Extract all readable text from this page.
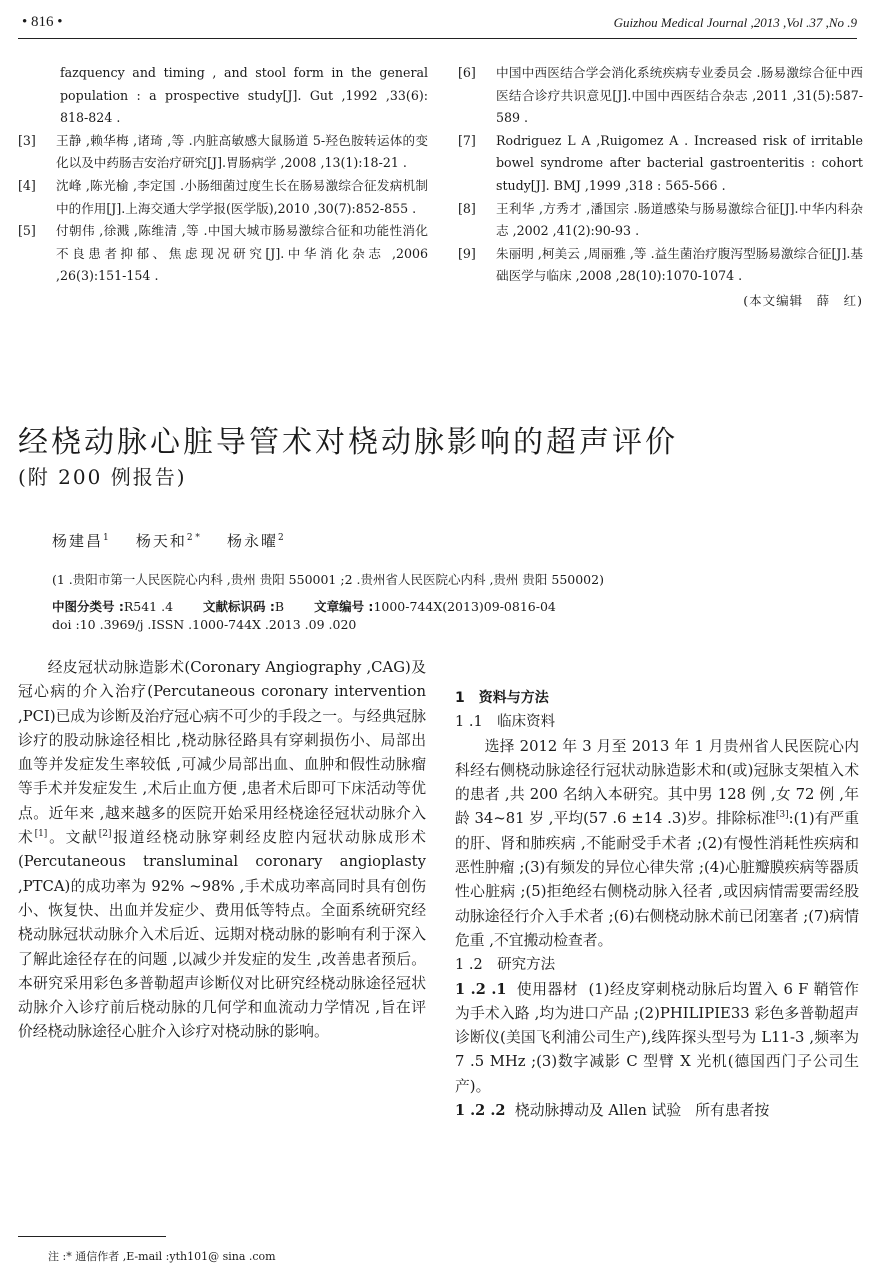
• 816 •	Guizhou Medical Journal ,2013 ,Vol .37 ,No .9
fazquency and timing , and stool form in the general population : a prospective study[J]. Gut ,1992 ,33(6): 818-824 .
[3]	王静 ,赖华梅 ,诸琦 ,等 .内脏高敏感大鼠肠道 5-羟色胺转运体的变化以及中药肠吉安治疗研究[J].胃肠病学 ,2008 ,13(1):18-21 .
[4]	沈峰 ,陈光榆 ,李定国 .小肠细菌过度生长在肠易激综合征发病机制中的作用[J].上海交通大学学报(医学版),2010 ,30(7):852-855 .
[5]	付朝伟 ,徐溅 ,陈维清 ,等 .中国大城市肠易激综合征和功能性消化不良患者抑郁、焦虑现况研究[J].中华消化杂志 ,2006 ,26(3):151-154 .
[6]	中国中西医结合学会消化系统疾病专业委员会 .肠易激综合征中西医结合诊疗共识意见[J].中国中西医结合杂志 ,2011 ,31(5):587-589 .
[7]	Rodriguez L A ,Ruigomez A . Increased risk of irritable bowel syndrome after bacterial gastroenteritis : cohort study[J]. BMJ ,1999 ,318 : 565-566 .
[8]	王利华 ,方秀才 ,潘国宗 .肠道感染与肠易激综合征[J].中华内科杂志 ,2002 ,41(2):90-93 .
[9]	朱丽明 ,柯美云 ,周丽雅 ,等 .益生菌治疗腹泻型肠易激综合征[J].基础医学与临床 ,2008 ,28(10):1070-1074 .
(本文编辑　薛　红)
经桡动脉心脏导管术对桡动脉影响的超声评价
(附 200 例报告)
杨建昌$^1$ 杨天和$^{2 *}$ 杨永曜$^2$
(1 .贵阳市第一人民医院心内科 ,贵州 贵阳 550001 ;2 .贵州省人民医院心内科 ,贵州 贵阳 550002)
中图分类号 :R541 .4 文献标识码 :B 文章编号 :1000-744X(2013)09-0816-04
doi :10 .3969/j .ISSN .1000-744X .2013 .09 .020

经皮冠状动脉造影术(Coronary Angiography ,CAG)及冠心病的介入治疗(Percutaneous coronary intervention ,PCI)已成为诊断及治疗冠心病不可少的手段之一。与经典冠脉诊疗的股动脉途径相比 ,桡动脉径路具有穿刺损伤小、局部出血等并发症发生率较低 ,可减少局部出血、血肿和假性动脉瘤等手术并发症发生 ,术后止血方便 ,患者术后即可下床活动等优点。近年来 ,越来越多的医院开始采用经桡途径冠状动脉介入术[1]。文献[2]报道经桡动脉穿刺经皮腔内冠状动脉成形术(Percutaneous transluminal coronary angioplasty ,PTCA)的成功率为 92% ~98% ,手术成功率高同时具有创伤小、恢复快、出血并发症少、费用低等特点。全面系统研究经桡动脉冠状动脉介入术后近、远期对桡动脉的影响有利于深入了解此途径存在的问题 ,以减少并发症的发生 ,改善患者预后。本研究采用彩色多普勒超声诊断仪对比研究经桡动脉途径冠状动脉介入诊疗前后桡动脉的几何学和血流动力学情况 ,旨在评价经桡动脉途径心脏介入诊疗对桡动脉的影响。

1　资料与方法

1 .1　临床资料

选择 2012 年 3 月至 2013 年 1 月贵州省人民医院心内科经右侧桡动脉途径行冠状动脉造影术和(或)冠脉支架植入术的患者 ,共 200 名纳入本研究。其中男 128 例 ,女 72 例 ,年龄 34~81 岁 ,平均(57 .6 ±14 .3)岁。排除标准[3]:(1)有严重的肝、肾和肺疾病 ,不能耐受手术者 ;(2)有慢性消耗性疾病和恶性肿瘤 ;(3)有频发的异位心律失常 ;(4)心脏瓣膜疾病等器质性心脏病 ;(5)拒绝经右侧桡动脉入径者 ,或因病情需要需经股动脉途径行介入手术者 ;(6)右侧桡动脉术前已闭塞者 ;(7)病情危重 ,不宜搬动检查者。

1 .2　研究方法

1 .2 .1 使用器材 (1)经皮穿刺桡动脉后均置入 6 F 鞘管作为手术入路 ,均为进口产品 ;(2)PHILIPIE33 彩色多普勒超声诊断仪(美国飞利浦公司生产),线阵探头型号为 L11-3 ,频率为 7 .5 MHz ;(3)数字减影 C 型臂 X 光机(德国西门子公司生产)。

1 .2 .2 桡动脉搏动及 Allen 试验 所有患者按

注 :* 通信作者 ,E-mail :yth101@ sina .com
